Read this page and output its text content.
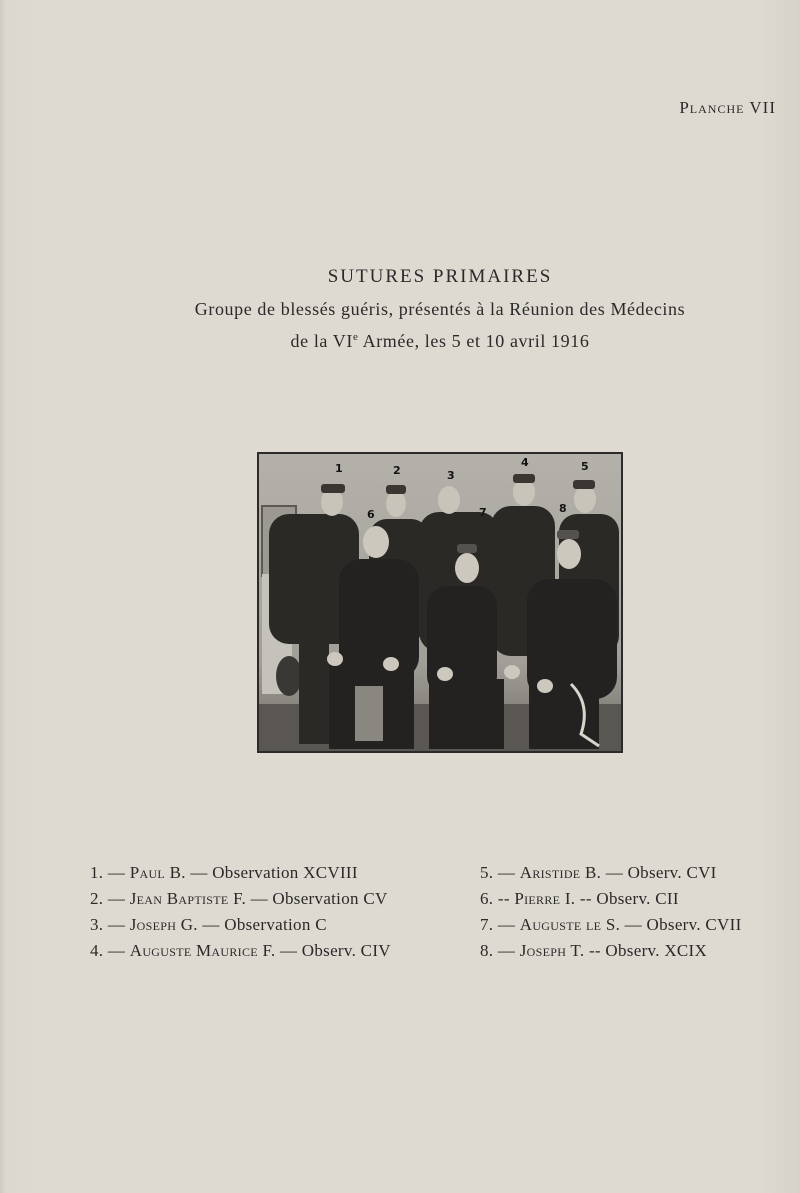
Planche VII
SUTURES PRIMAIRES
Groupe de blessés guéris, présentés à la Réunion des Médecins
de la VIe Armée, les 5 et 10 avril 1916
1	2	3
4	5
6	7	8
1. — Paul B. — Observation XCVIII
2. — Jean Baptiste F. — Observation CV
3. — Joseph G. — Observation C
4. — Auguste Maurice F. — Observ. CIV
5. — Aristide B. — Observ. CVI
6. -- Pierre I. -- Observ. CII
7. — Auguste le S. — Observ. CVII
8. — Joseph T. -- Observ. XCIX
